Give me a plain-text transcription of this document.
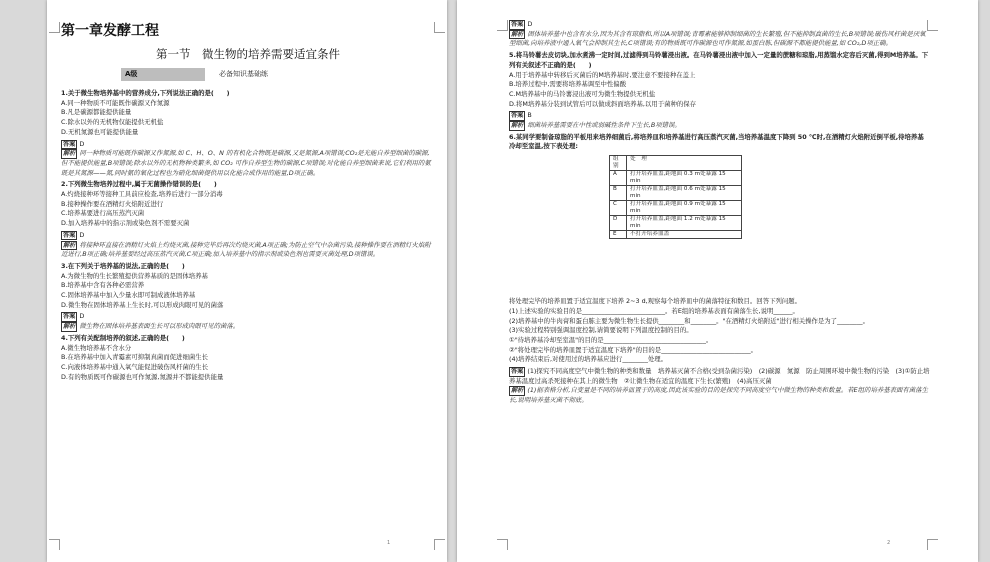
第一章发酵工程
第一节　微生物的培养需要适宜条件
A级	必备知识基础练
1.关于微生物培养基中的营养成分,下列说法正确的是(　　)
A.同一种物质不可能既作碳源又作氮源
B.凡是碳源都能提供能量
C.除水以外的无机物仅能提供无机盐
D.无机氮源也可能提供能量
答案 D
解析 同一种物质可能既作碳源又作氮源,如 C、H、O、N 的有机化合物既是碳源,又是氮源,A项错误;CO₂是光能自养型细菌的碳源,但不能提供能量,B项错误;除水以外的无机物种类繁多,如 CO₂ 可作自养型生物的碳源,C项错误;对化能自养型细菌来说,它们利用的氨既是其氮源——氮,同时氨的氧化过程也为硝化细菌提供用以化能合成作用的能量,D项正确。
2.下列微生物培养过程中,属于无菌操作错误的是(　　)
A.灼烧接种环等接种工具前应检查,培养后进行一部分消毒
B.接种操作要在酒精灯火焰附近进行
C.培养基要进行高压蒸汽灭菌
D.加入培养基中的指示剂或染色剂不需要灭菌
答案 D
解析 将接种环直接在酒精灯火焰上灼烧灭菌,接种完毕后再次灼烧灭菌,A项正确;为防止空气中杂菌污染,接种操作要在酒精灯火焰附近进行,B项正确;培养基要经过高压蒸汽灭菌,C项正确;加入培养基中的指示剂或染色剂也需要灭菌处理,D项错误。
3.在下列关于培养基的说法,正确的是(　　)
A.为微生物的生长繁殖提供营养基质的是固体培养基
B.培养基中含有各种必需营养
C.固体培养基中加入少量水即可制成液体培养基
D.微生物在固体培养基上生长时,可以形成肉眼可见的菌落
答案 D
解析 微生物在固体培养基表面生长可以形成肉眼可见的菌落。
4.下列有关配制培养的叙述,正确的是(　　)
A.微生物培养基不含水分
B.在培养基中加入青霉素可抑制真菌而促进细菌生长
C.向液体培养基中通入氧气能促进破伤风杆菌的生长
D.有的物质既可作碳源也可作氮源,氮源并不都能提供能量
1
答案 D
解析 固体培养基中也含有水分,因为其含有琼脂和,所以A项错误;青霉素能够抑制细菌的生长繁殖,但不能抑制真菌的生长,B项错误;破伤风杆菌是厌氧型细菌,向培养液中通入氧气会抑制其生长,C项错误;有的物质既可作碳源也可作氮源,如蛋白胨,但碳源不都能提供能量,如 CO₂,D项正确。
5.将马铃薯去皮切块,加水煮沸一定时间,过滤得到马铃薯浸出液。在马铃薯浸出液中加入一定量的蔗糖和琼脂,用蒸馏水定容后灭菌,得到M培养基。下列有关叙述不正确的是(　　)
A.用于培养基中转移后灭菌后的M培养基时,要注意不要接种在盖上
B.培养过程中,需要将培养基调至中性偏酸
C.M培养基中的马铃薯浸出液可为微生物提供无机盐
D.将M培养基分装到试管后可以做成斜面培养基,以用于菌种的保存
答案 B
解析 细菌培养基需要在中性或弱碱性条件下生长,B项错误。
6.某同学要制备琼脂的平板用来培养细菌后,将培养皿和培养基进行高压蒸汽灭菌,当培养基温度下降到 50 ℃时,在酒精灯火焰附近倒平板,待培养基冷却至室温,按下表处理:
组别	处　理
A	打开培养皿盖,距地面 0.3 m处暴露 15 min
B	打开培养皿盖,距地面 0.6 m处暴露 15 min
C	打开培养皿盖,距地面 0.9 m处暴露 15 min
D	打开培养皿盖,距地面 1.2 m处暴露 15 min
E	不打开培养皿盖
将处理完毕的培养皿置于适宜温度下培养 2~3 d,观察每个培养皿中的菌落特征和数目。回答下列问题。
(1)上述实验的实验目的是__________________________。若E组的培养基表面有菌落生长,说明______。
(2)培养基中的牛肉膏和蛋白胨主要为微生物生长提供________和________。"在酒精灯火焰附近"进行相关操作是为了________。
(3)实验过程特别强调温度控制,请简要说明下列温度控制的目的。
①"待培养基冷却至室温"的目的是________________________________。
②"将处理完毕的培养皿置于适宜温度下培养"的目的是____________________________。
(4)培养结束后,对使用过的培养基应进行________处理。
答案 (1)探究不同高度空气中微生物的种类和数量　培养基灭菌不合格(受到杂菌污染)　(2)碳源　氮源　防止周围环境中微生物的污染　(3)①防止培养基温度过高杀死接种在其上的微生物　②让微生物在适宜的温度下生长(繁殖)　(4)高压灭菌
解析 (1)据表格分析,自变量是不同的培养皿置于的高度,因此该实验的目的是探究不同高度空气中微生物的种类和数量。若E组的培养基表面有菌落生长,说明培养基灭菌不彻底。
2
